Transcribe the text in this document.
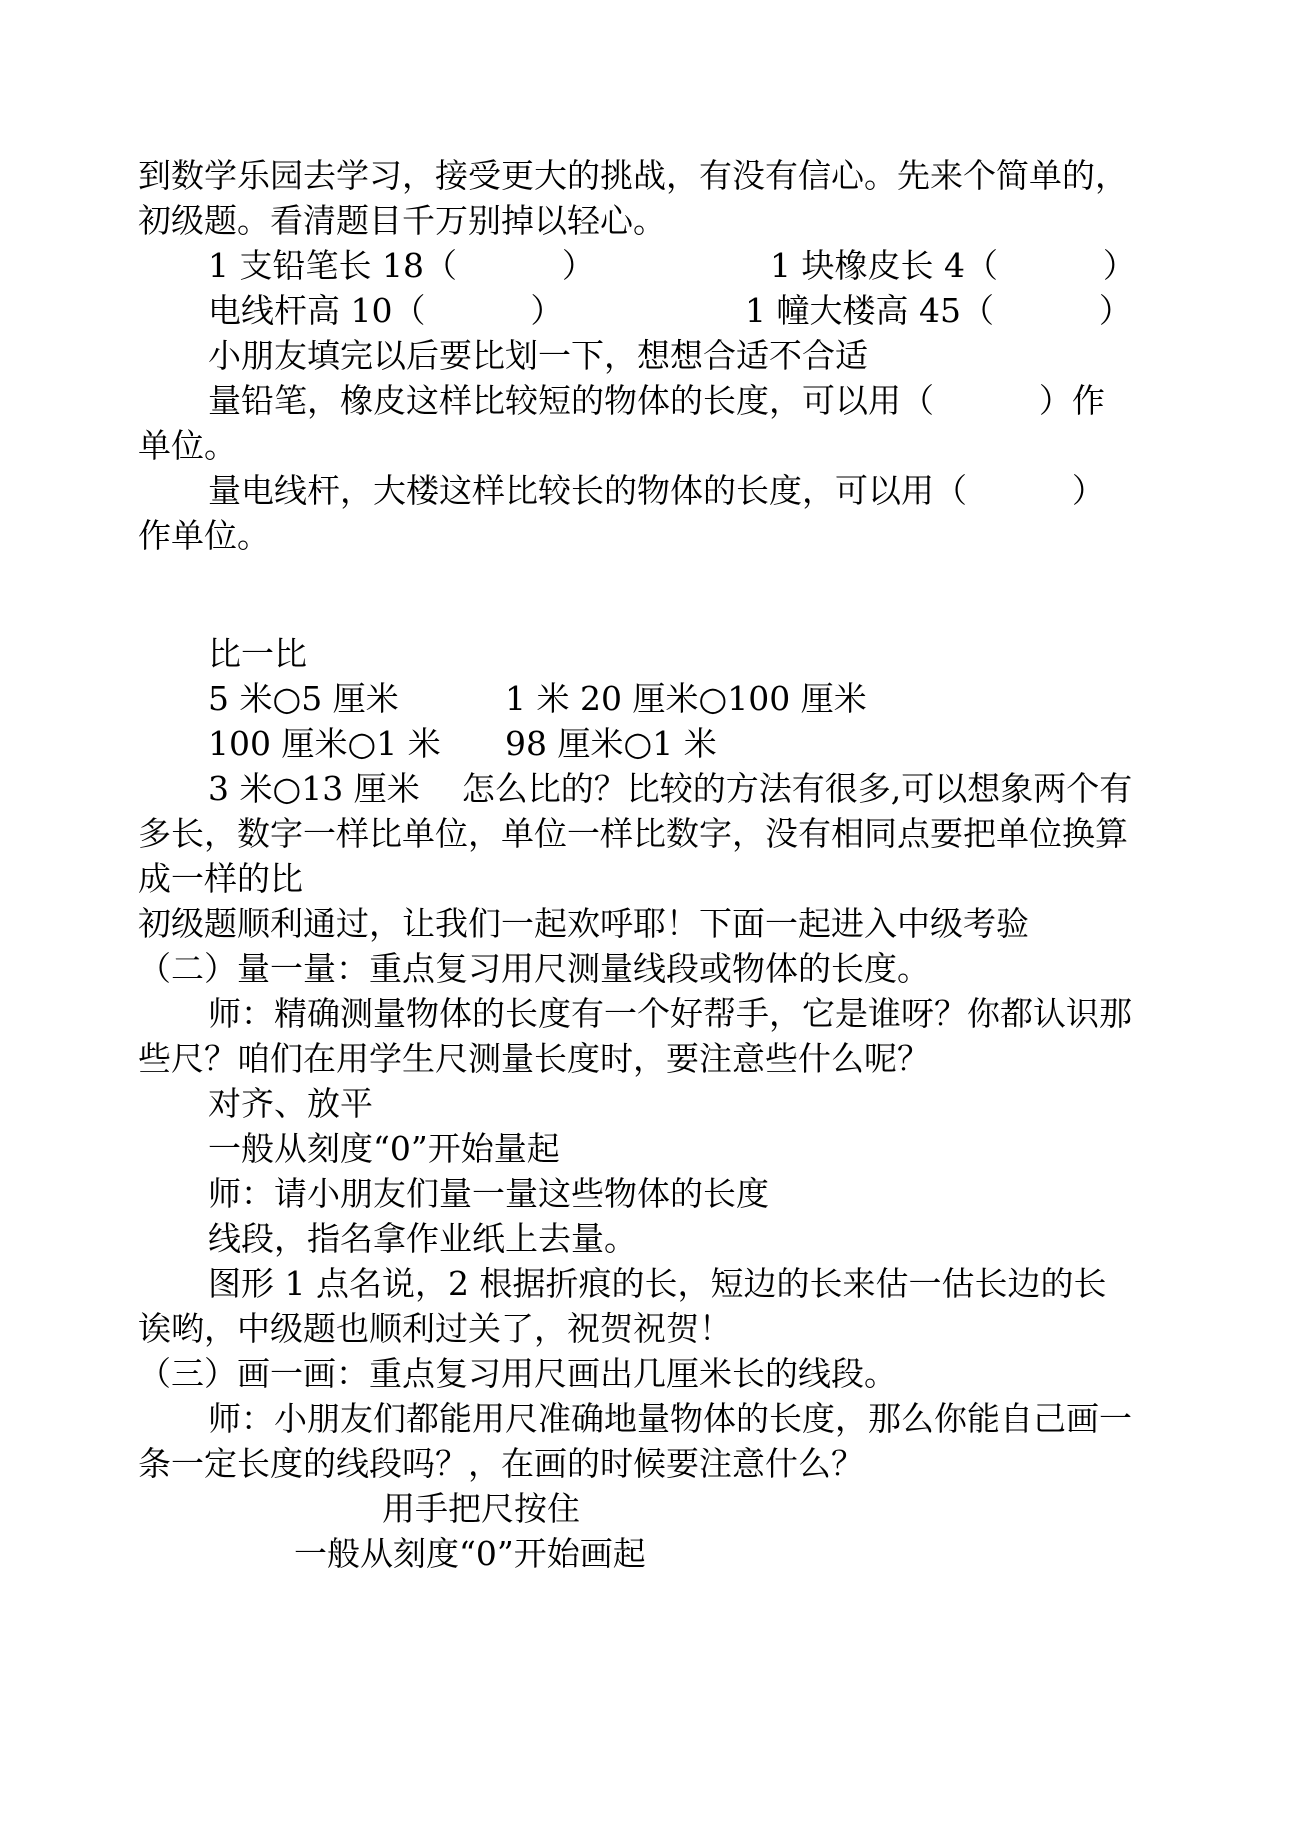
到数学乐园去学习，接受更大的挑战，有没有信心。先来个简单的，
初级题。看清题目千万别掉以轻心。
1 支铅笔长 18（          ）	1 块橡皮长 4（          ）
电线杆高 10（          ）	1 幢大楼高 45（          ）
小朋友填完以后要比划一下，想想合适不合适
量铅笔，橡皮这样比较短的物体的长度，可以用（          ）作
单位。
量电线杆，大楼这样比较长的物体的长度，可以用（          ）
作单位。
比一比
5 米○5 厘米	1 米 20 厘米○100 厘米
100 厘米○1 米 98 厘米○1 米
3 米○13 厘米    怎么比的？比较的方法有很多,可以想象两个有
多长，数字一样比单位，单位一样比数字，没有相同点要把单位换算
成一样的比
初级题顺利通过，让我们一起欢呼耶！下面一起进入中级考验
（二）量一量：重点复习用尺测量线段或物体的长度。
师：精确测量物体的长度有一个好帮手，它是谁呀？你都认识那
些尺？咱们在用学生尺测量长度时，要注意些什么呢？
对齐、放平
一般从刻度“0”开始量起
师：请小朋友们量一量这些物体的长度
线段，指名拿作业纸上去量。
图形 1 点名说，2 根据折痕的长，短边的长来估一估长边的长
诶哟，中级题也顺利过关了，祝贺祝贺！
（三）画一画：重点复习用尺画出几厘米长的线段。
师：小朋友们都能用尺准确地量物体的长度，那么你能自己画一
条一定长度的线段吗？，在画的时候要注意什么？
用手把尺按住
一般从刻度“0”开始画起
